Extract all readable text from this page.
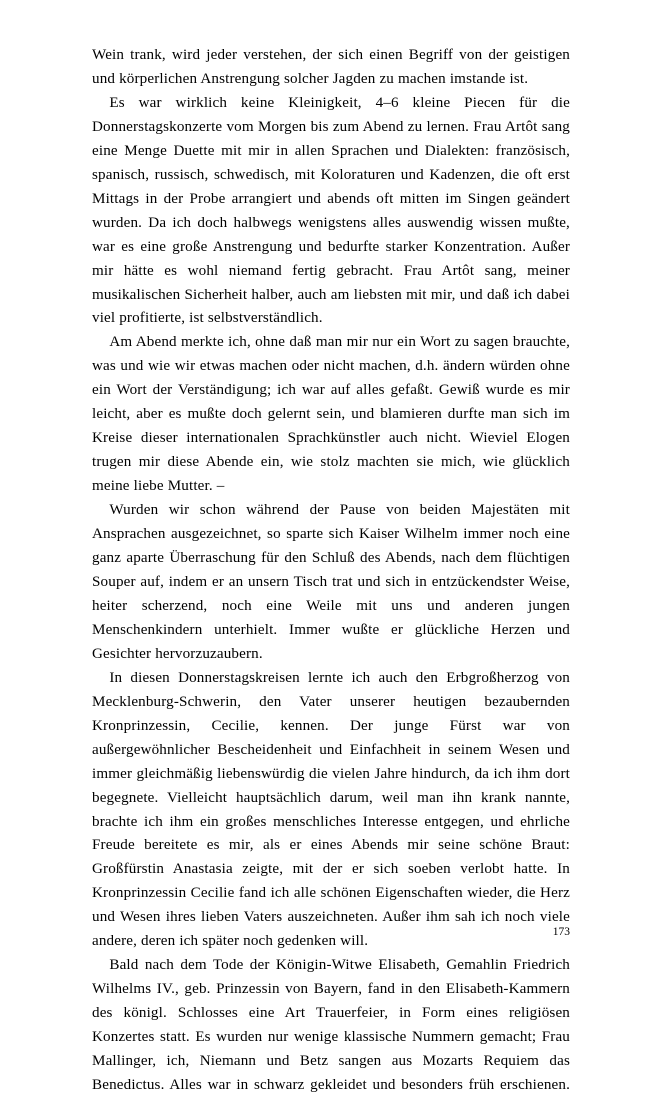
Wein trank, wird jeder verstehen, der sich einen Begriff von der geistigen und körperlichen Anstrengung solcher Jagden zu machen imstande ist.

Es war wirklich keine Kleinigkeit, 4–6 kleine Piecen für die Donnerstagskonzerte vom Morgen bis zum Abend zu lernen. Frau Artôt sang eine Menge Duette mit mir in allen Sprachen und Dialekten: französisch, spanisch, russisch, schwedisch, mit Koloraturen und Kadenzen, die oft erst Mittags in der Probe arrangiert und abends oft mitten im Singen geändert wurden. Da ich doch halbwegs wenigstens alles auswendig wissen mußte, war es eine große Anstrengung und bedurfte starker Konzentration. Außer mir hätte es wohl niemand fertig gebracht. Frau Artôt sang, meiner musikalischen Sicherheit halber, auch am liebsten mit mir, und daß ich dabei viel profitierte, ist selbstverständlich.

Am Abend merkte ich, ohne daß man mir nur ein Wort zu sagen brauchte, was und wie wir etwas machen oder nicht machen, d.h. ändern würden ohne ein Wort der Verständigung; ich war auf alles gefaßt. Gewiß wurde es mir leicht, aber es mußte doch gelernt sein, und blamieren durfte man sich im Kreise dieser internationalen Sprachkünstler auch nicht. Wieviel Elogen trugen mir diese Abende ein, wie stolz machten sie mich, wie glücklich meine liebe Mutter. –

Wurden wir schon während der Pause von beiden Majestäten mit Ansprachen ausgezeichnet, so sparte sich Kaiser Wilhelm immer noch eine ganz aparte Überraschung für den Schluß des Abends, nach dem flüchtigen Souper auf, indem er an unsern Tisch trat und sich in entzückendster Weise, heiter scherzend, noch eine Weile mit uns und anderen jungen Menschenkindern unterhielt. Immer wußte er glückliche Herzen und Gesichter hervorzuzaubern.

In diesen Donnerstagskreisen lernte ich auch den Erbgroßherzog von Mecklenburg-Schwerin, den Vater unserer heutigen bezaubernden Kronprinzessin, Cecilie, kennen. Der junge Fürst war von außergewöhnlicher Bescheidenheit und Einfachheit in seinem Wesen und immer gleichmäßig liebenswürdig die vielen Jahre hindurch, da ich ihm dort begegnete. Vielleicht hauptsächlich darum, weil man ihn krank nannte, brachte ich ihm ein großes menschliches Interesse entgegen, und ehrliche Freude bereitete es mir, als er eines Abends mir seine schöne Braut: Großfürstin Anastasia zeigte, mit der er sich soeben verlobt hatte. In Kronprinzessin Cecilie fand ich alle schönen Eigenschaften wieder, die Herz und Wesen ihres lieben Vaters auszeichneten. Außer ihm sah ich noch viele andere, deren ich später noch gedenken will.

Bald nach dem Tode der Königin-Witwe Elisabeth, Gemahlin Friedrich Wilhelms IV., geb. Prinzessin von Bayern, fand in den Elisabeth-Kammern des königl. Schlosses eine Art Trauerfeier, in Form eines religiösen Konzertes statt. Es wurden nur wenige klassische Nummern gemacht; Frau Mallinger, ich, Niemann und Betz sangen aus Mozarts Requiem das Benedictus. Alles war in schwarz gekleidet und besonders früh erschienen.

173
